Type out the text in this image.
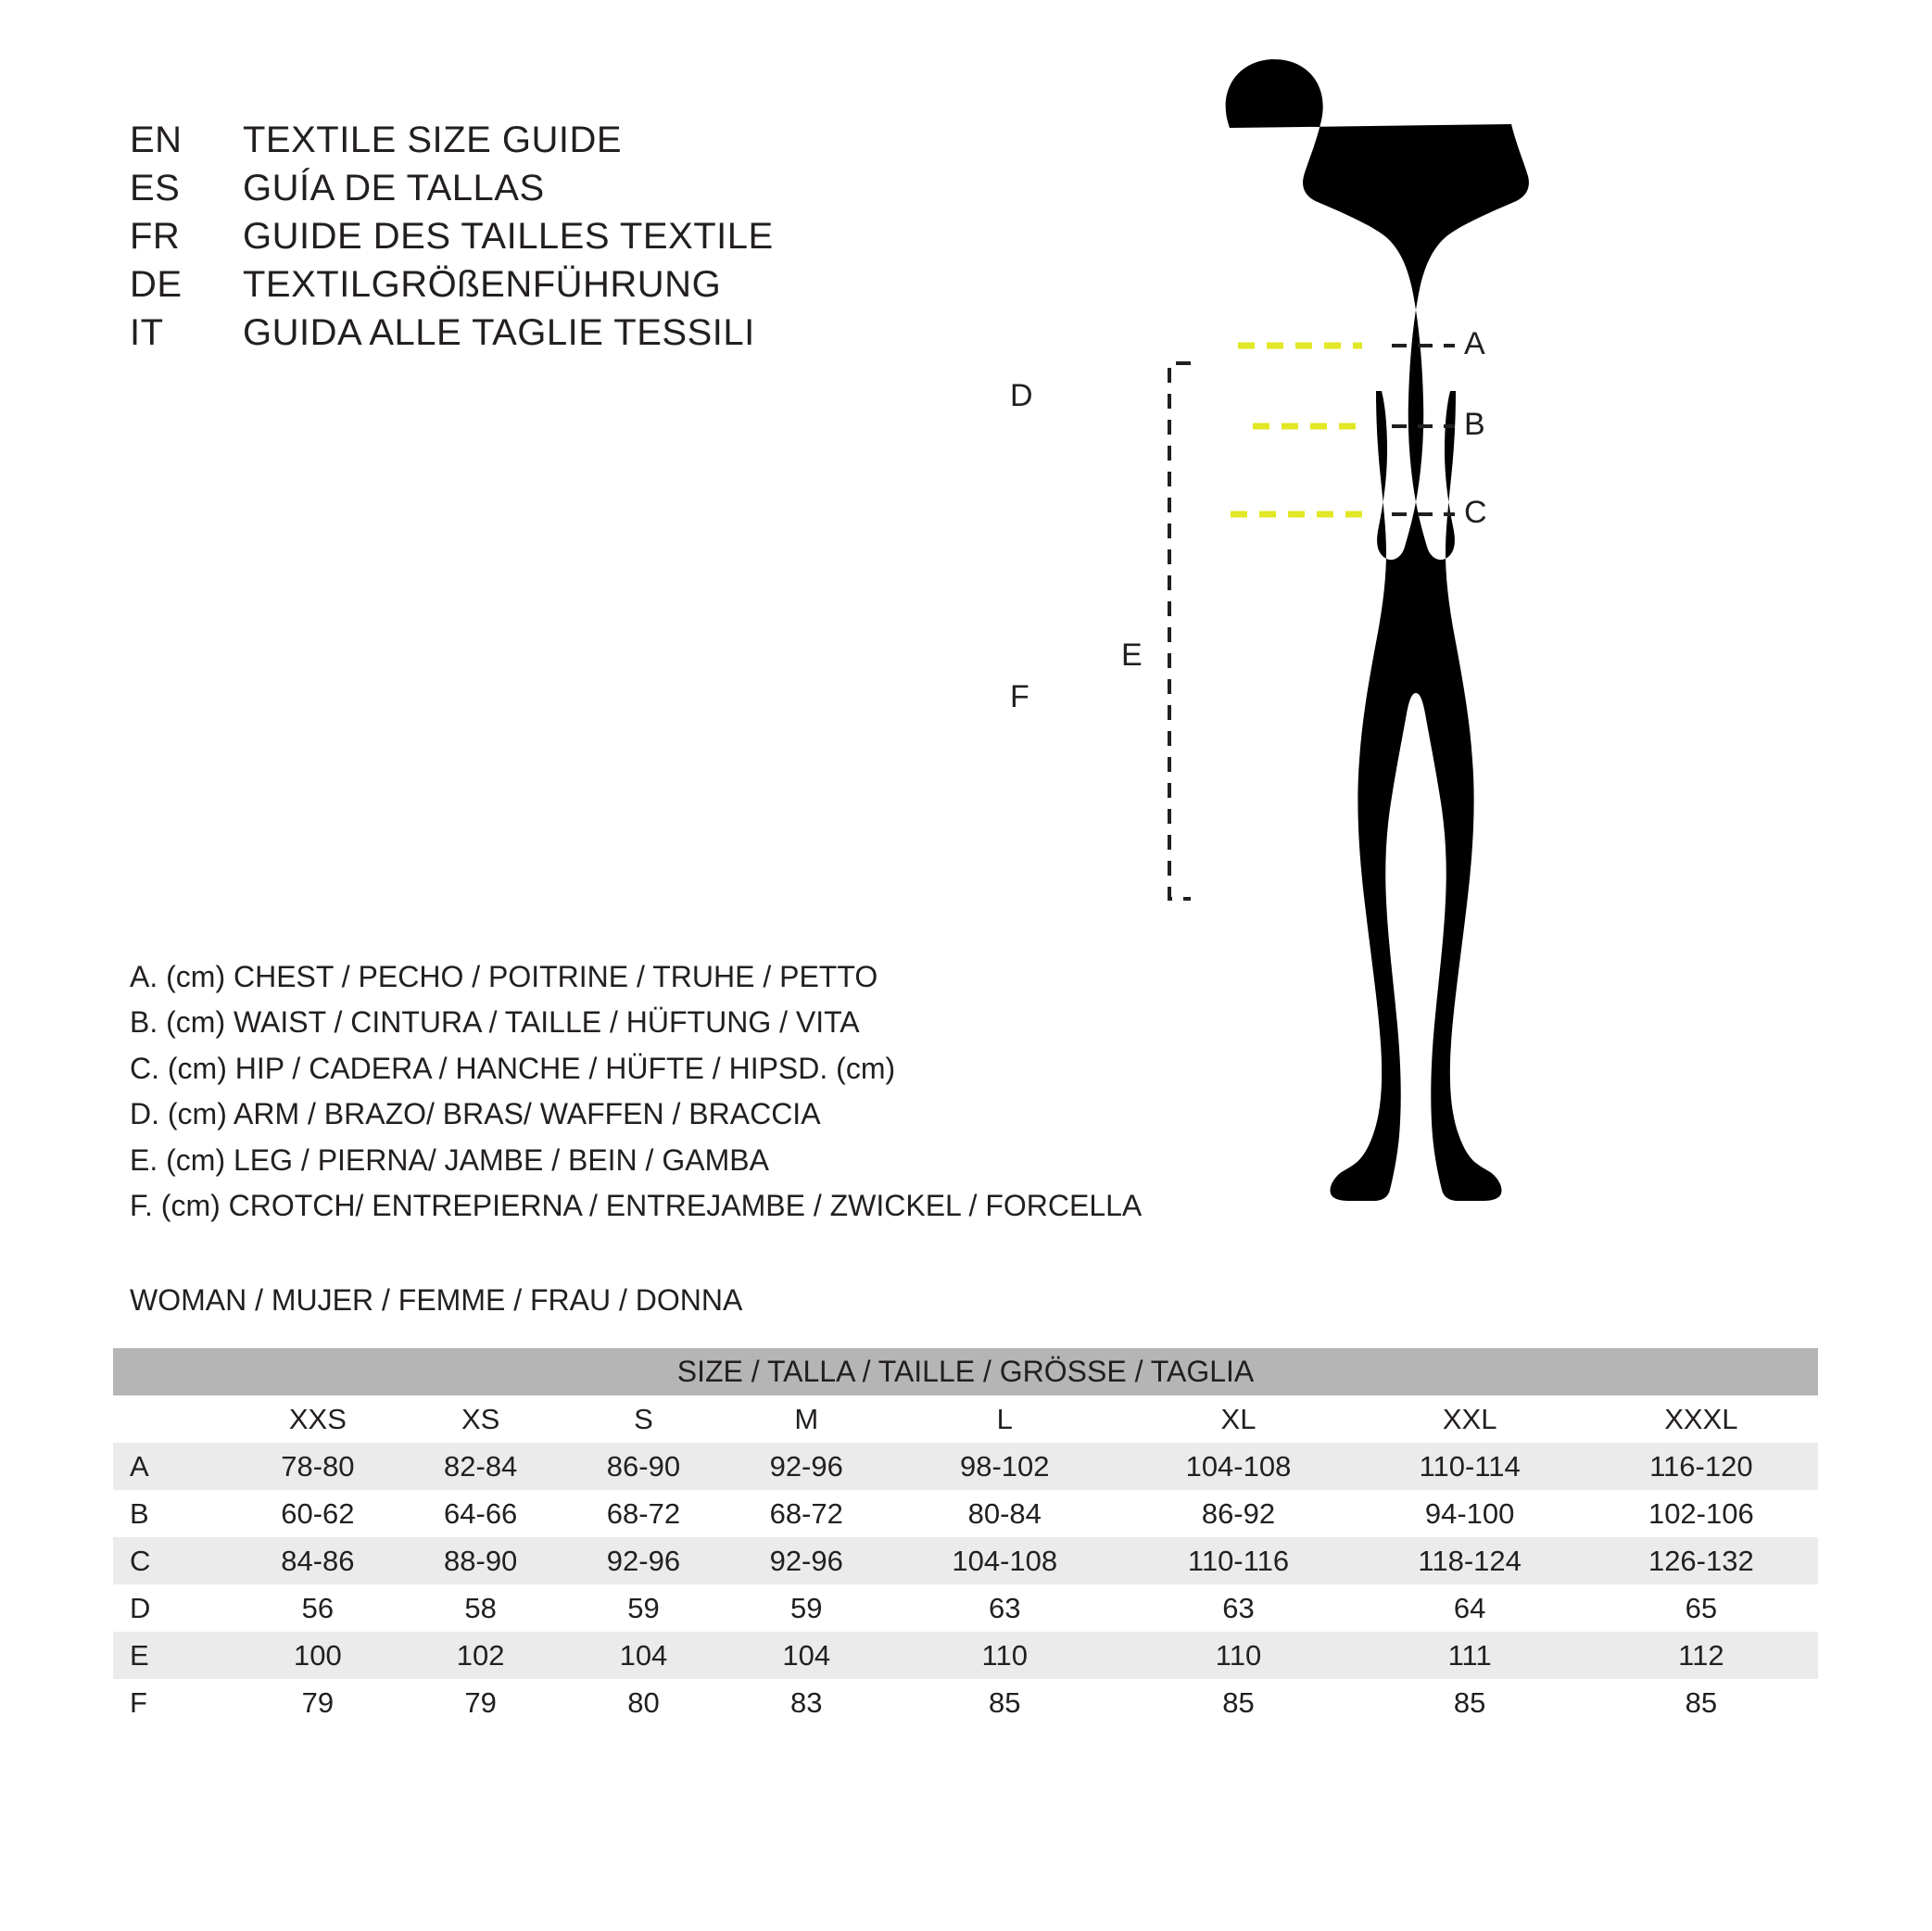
EN	TEXTILE SIZE GUIDE
ES	GUÍA DE TALLAS
FR	GUIDE DES TAILLES TEXTILE
DE	TEXTILGRÖßENFÜHRUNG
IT	GUIDA ALLE TAGLIE TESSILI	A
B
C
D
E
F
A. (cm) CHEST / PECHO / POITRINE / TRUHE / PETTO
B. (cm) WAIST / CINTURA / TAILLE / HÜFTUNG / VITA
C. (cm) HIP / CADERA / HANCHE / HÜFTE / HIPSD. (cm)
D. (cm) ARM / BRAZO/ BRAS/ WAFFEN / BRACCIA
E. (cm) LEG / PIERNA/ JAMBE / BEIN / GAMBA
F. (cm) CROTCH/ ENTREPIERNA / ENTREJAMBE / ZWICKEL / FORCELLA
WOMAN / MUJER / FEMME / FRAU / DONNA
SIZE / TALLA / TAILLE / GRÖSSE / TAGLIA								
	XXS	XS	S	M	L	XL	XXL	XXXL
A	78-80	82-84	86-90	92-96	98-102	104-108	110-114	116-120
B	60-62	64-66	68-72	68-72	80-84	86-92	94-100	102-106
C	84-86	88-90	92-96	92-96	104-108	110-116	118-124	126-132
D	56	58	59	59	63	63	64	65
E	100	102	104	104	110	110	111	112
F	79	79	80	83	85	85	85	85
